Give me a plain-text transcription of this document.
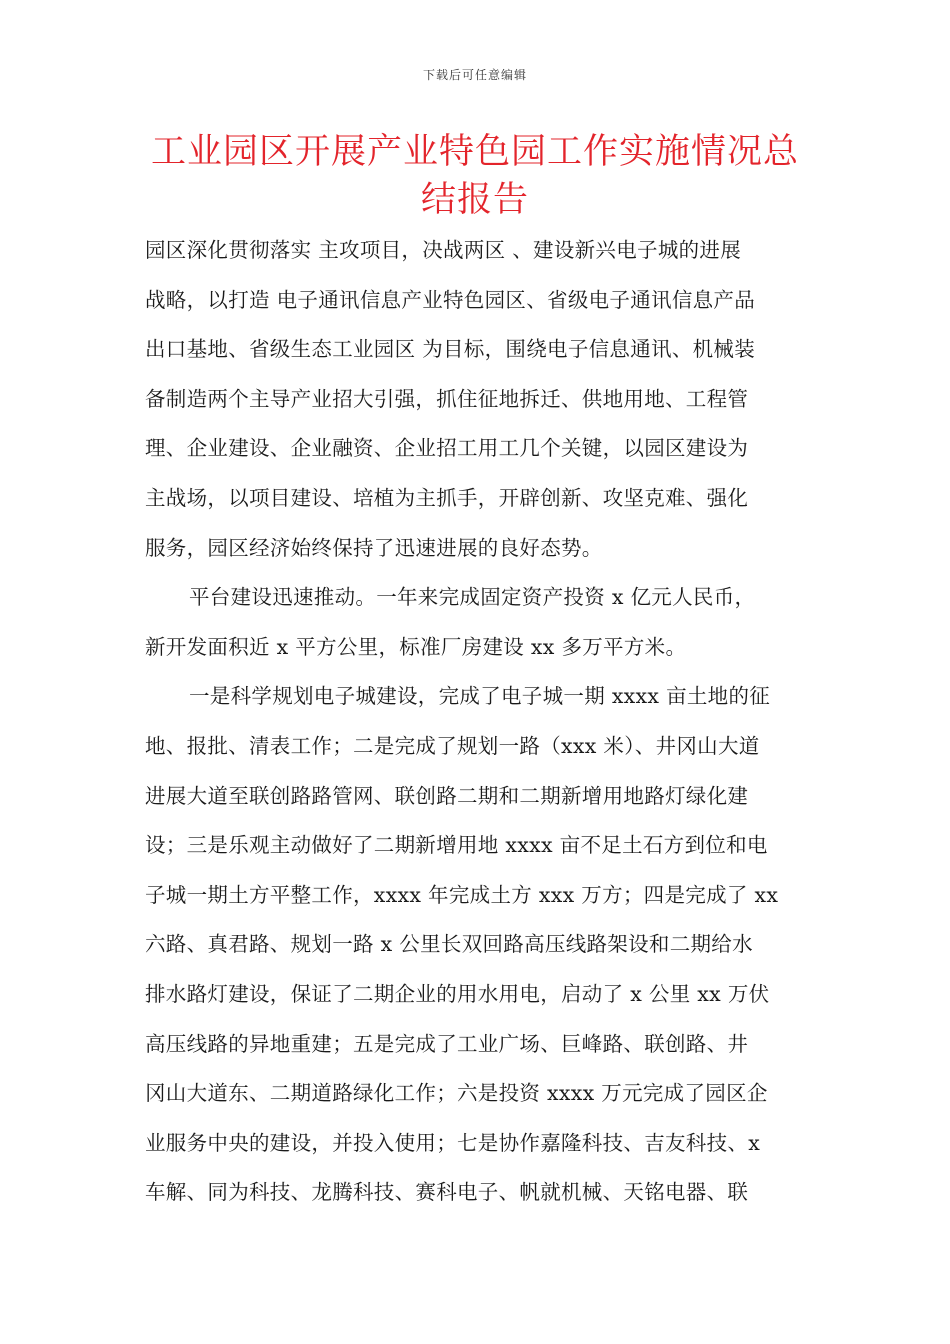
下载后可任意编辑
工业园区开展产业特色园工作实施情况总
结报告

园区深化贯彻落实 主攻项目，决战两区 、建设新兴电子城的进展
战略，以打造 电子通讯信息产业特色园区、省级电子通讯信息产品
出口基地、省级生态工业园区 为目标，围绕电子信息通讯、机械装
备制造两个主导产业招大引强，抓住征地拆迁、供地用地、工程管
理、企业建设、企业融资、企业招工用工几个关键，以园区建设为
主战场，以项目建设、培植为主抓手，开辟创新、攻坚克难、强化
服务，园区经济始终保持了迅速进展的良好态势。

平台建设迅速推动。一年来完成固定资产投资 x 亿元人民币，
新开发面积近 x 平方公里，标准厂房建设 xx 多万平方米。

一是科学规划电子城建设，完成了电子城一期 xxxx 亩土地的征
地、报批、清表工作；二是完成了规划一路（xxx 米）、井冈山大道
进展大道至联创路路管网、联创路二期和二期新增用地路灯绿化建
设；三是乐观主动做好了二期新增用地 xxxx 亩不足土石方到位和电
子城一期土方平整工作，xxxx 年完成土方 xxx 万方；四是完成了 xx
六路、真君路、规划一路 x 公里长双回路高压线路架设和二期给水
排水路灯建设，保证了二期企业的用水用电，启动了 x 公里 xx 万伏
高压线路的异地重建；五是完成了工业广场、巨峰路、联创路、井
冈山大道东、二期道路绿化工作；六是投资 xxxx 万元完成了园区企
业服务中央的建设，并投入使用；七是协作嘉隆科技、吉友科技、x
车解、同为科技、龙腾科技、赛科电子、帆就机械、天铭电器、联
